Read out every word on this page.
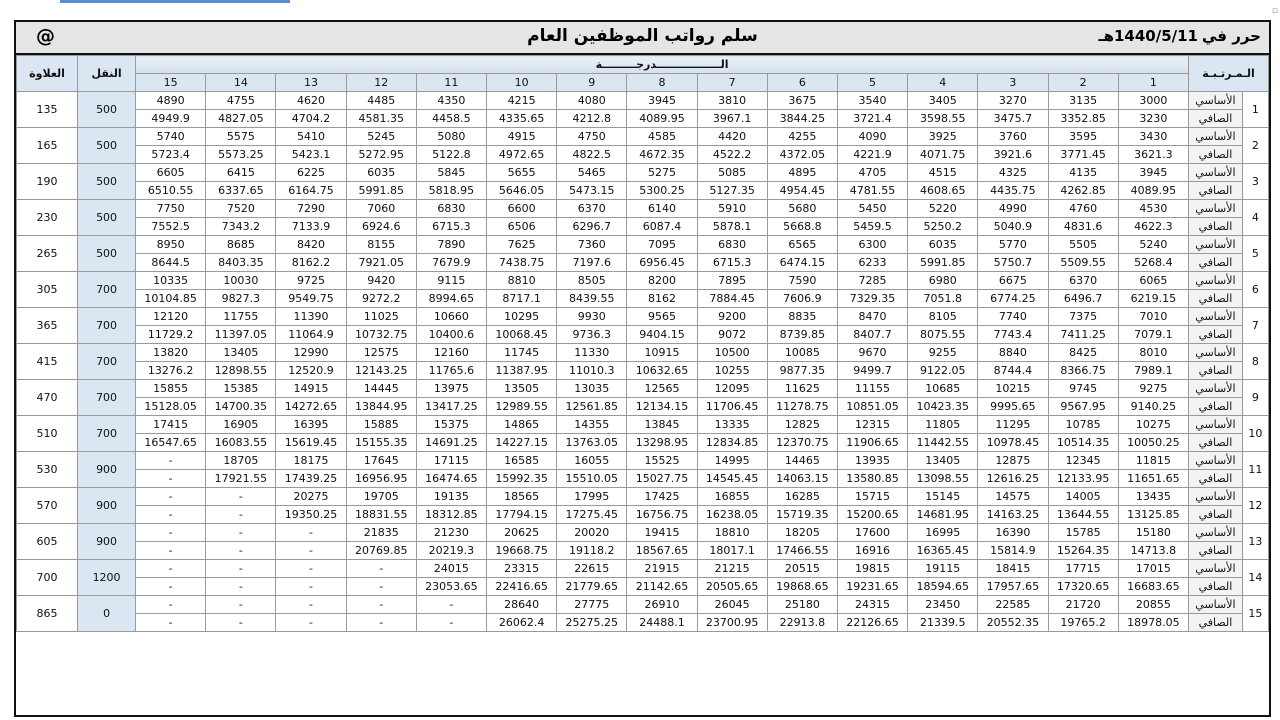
▫
@	سلم رواتب الموظفين العام	حرر في
1440/5/11هـ
العلاوة	النقل	الـــــــــــــــــدرجـــــــــة															الـمـرتـبـة	
		15	14	13	12	11	10	9	8	7	6	5	4	3	2	1		
135	500	4890	4755	4620	4485	4350	4215	4080	3945	3810	3675	3540	3405	3270	3135	3000	الأساسي	1
		4949.9	4827.05	4704.2	4581.35	4458.5	4335.65	4212.8	4089.95	3967.1	3844.25	3721.4	3598.55	3475.7	3352.85	3230	الصافي	
165	500	5740	5575	5410	5245	5080	4915	4750	4585	4420	4255	4090	3925	3760	3595	3430	الأساسي	2
		5723.4	5573.25	5423.1	5272.95	5122.8	4972.65	4822.5	4672.35	4522.2	4372.05	4221.9	4071.75	3921.6	3771.45	3621.3	الصافي	
190	500	6605	6415	6225	6035	5845	5655	5465	5275	5085	4895	4705	4515	4325	4135	3945	الأساسي	3
		6510.55	6337.65	6164.75	5991.85	5818.95	5646.05	5473.15	5300.25	5127.35	4954.45	4781.55	4608.65	4435.75	4262.85	4089.95	الصافي	
230	500	7750	7520	7290	7060	6830	6600	6370	6140	5910	5680	5450	5220	4990	4760	4530	الأساسي	4
		7552.5	7343.2	7133.9	6924.6	6715.3	6506	6296.7	6087.4	5878.1	5668.8	5459.5	5250.2	5040.9	4831.6	4622.3	الصافي	
265	500	8950	8685	8420	8155	7890	7625	7360	7095	6830	6565	6300	6035	5770	5505	5240	الأساسي	5
		8644.5	8403.35	8162.2	7921.05	7679.9	7438.75	7197.6	6956.45	6715.3	6474.15	6233	5991.85	5750.7	5509.55	5268.4	الصافي	
305	700	10335	10030	9725	9420	9115	8810	8505	8200	7895	7590	7285	6980	6675	6370	6065	الأساسي	6
		10104.85	9827.3	9549.75	9272.2	8994.65	8717.1	8439.55	8162	7884.45	7606.9	7329.35	7051.8	6774.25	6496.7	6219.15	الصافي	
365	700	12120	11755	11390	11025	10660	10295	9930	9565	9200	8835	8470	8105	7740	7375	7010	الأساسي	7
		11729.2	11397.05	11064.9	10732.75	10400.6	10068.45	9736.3	9404.15	9072	8739.85	8407.7	8075.55	7743.4	7411.25	7079.1	الصافي	
415	700	13820	13405	12990	12575	12160	11745	11330	10915	10500	10085	9670	9255	8840	8425	8010	الأساسي	8
		13276.2	12898.55	12520.9	12143.25	11765.6	11387.95	11010.3	10632.65	10255	9877.35	9499.7	9122.05	8744.4	8366.75	7989.1	الصافي	
470	700	15855	15385	14915	14445	13975	13505	13035	12565	12095	11625	11155	10685	10215	9745	9275	الأساسي	9
		15128.05	14700.35	14272.65	13844.95	13417.25	12989.55	12561.85	12134.15	11706.45	11278.75	10851.05	10423.35	9995.65	9567.95	9140.25	الصافي	
510	700	17415	16905	16395	15885	15375	14865	14355	13845	13335	12825	12315	11805	11295	10785	10275	الأساسي	10
		16547.65	16083.55	15619.45	15155.35	14691.25	14227.15	13763.05	13298.95	12834.85	12370.75	11906.65	11442.55	10978.45	10514.35	10050.25	الصافي	
530	900	-	18705	18175	17645	17115	16585	16055	15525	14995	14465	13935	13405	12875	12345	11815	الأساسي	11
		-	17921.55	17439.25	16956.95	16474.65	15992.35	15510.05	15027.75	14545.45	14063.15	13580.85	13098.55	12616.25	12133.95	11651.65	الصافي	
570	900	-	-	20275	19705	19135	18565	17995	17425	16855	16285	15715	15145	14575	14005	13435	الأساسي	12
		-	-	19350.25	18831.55	18312.85	17794.15	17275.45	16756.75	16238.05	15719.35	15200.65	14681.95	14163.25	13644.55	13125.85	الصافي	
605	900	-	-	-	21835	21230	20625	20020	19415	18810	18205	17600	16995	16390	15785	15180	الأساسي	13
		-	-	-	20769.85	20219.3	19668.75	19118.2	18567.65	18017.1	17466.55	16916	16365.45	15814.9	15264.35	14713.8	الصافي	
700	1200	-	-	-	-	24015	23315	22615	21915	21215	20515	19815	19115	18415	17715	17015	الأساسي	14
		-	-	-	-	23053.65	22416.65	21779.65	21142.65	20505.65	19868.65	19231.65	18594.65	17957.65	17320.65	16683.65	الصافي	
865	0	-	-	-	-	-	28640	27775	26910	26045	25180	24315	23450	22585	21720	20855	الأساسي	15
		-	-	-	-	-	26062.4	25275.25	24488.1	23700.95	22913.8	22126.65	21339.5	20552.35	19765.2	18978.05	الصافي	
